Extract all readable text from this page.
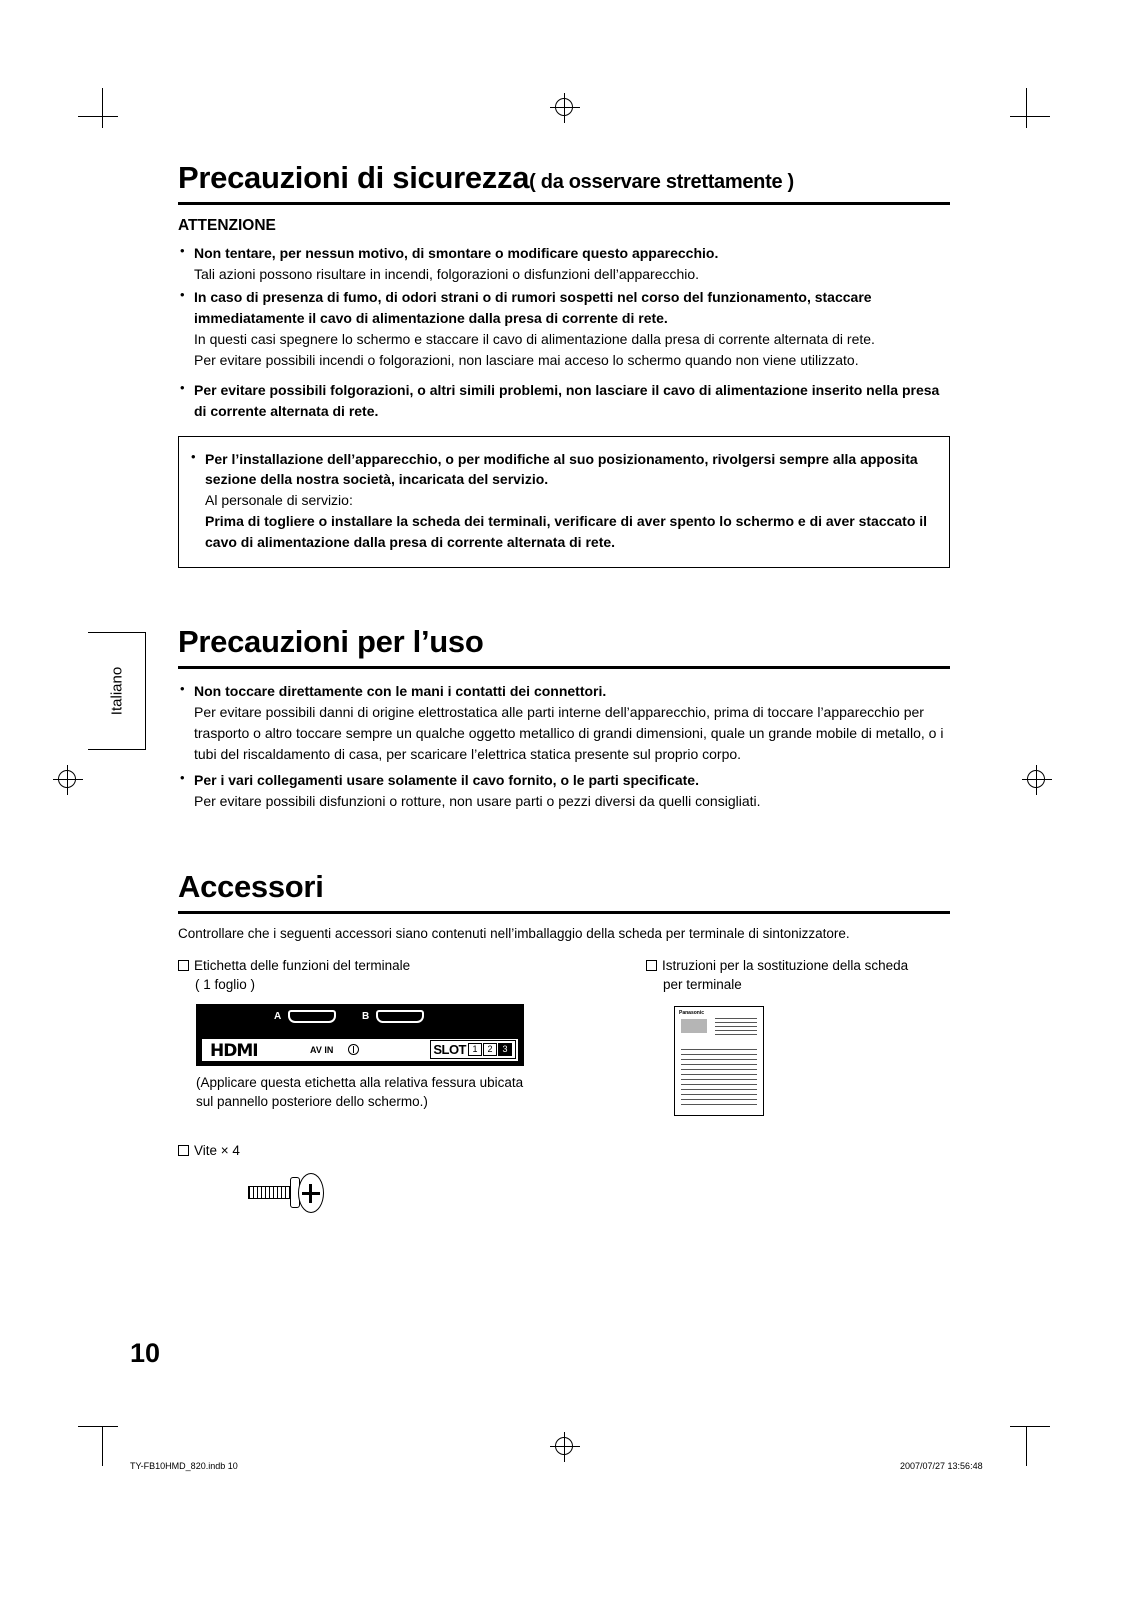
Italiano
Precauzioni di sicurezza( da osservare strettamente )
ATTENZIONE
• Non tentare, per nessun motivo, di smontare o modificare questo apparecchio.
Tali azioni possono risultare in incendi, folgorazioni o disfunzioni dell’apparecchio.
• In caso di presenza di fumo, di odori strani o di rumori sospetti nel corso del funzionamento, staccare immediatamente il cavo di alimentazione dalla presa di corrente di rete.
In questi casi spegnere lo schermo e staccare il cavo di alimentazione dalla presa di corrente alternata di rete.
Per evitare possibili incendi o folgorazioni, non lasciare mai acceso lo schermo quando non viene utilizzato.
• Per evitare possibili folgorazioni, o altri simili problemi, non lasciare il cavo di alimentazione inserito nella presa di corrente alternata di rete.
• Per l’installazione dell’apparecchio, o per modifiche al suo posizionamento, rivolgersi sempre alla apposita sezione della nostra società, incaricata del servizio.
Al personale di servizio:
Prima di togliere o installare la scheda dei terminali, verificare di aver spento lo schermo e di aver staccato il cavo di alimentazione dalla presa di corrente alternata di rete.
Precauzioni per l’uso
• Non toccare direttamente con le mani i contatti dei connettori.
Per evitare possibili danni di origine elettrostatica alle parti interne dell’apparecchio, prima di toccare l’apparecchio per trasporto o altro toccare sempre un qualche oggetto metallico di grandi dimensioni, quale un grande mobile di metallo, o i tubi del riscaldamento di casa, per scaricare l’elettrica statica presente sul proprio corpo.
• Per i vari collegamenti usare solamente il cavo fornito, o le parti specificate.
Per evitare possibili disfunzioni o rotture, non usare parti o pezzi diversi da quelli consigliati.
Accessori
Controllare che i seguenti accessori siano contenuti nell’imballaggio della scheda per terminale di sintonizzatore.
Etichetta delle funzioni del terminale
( 1 foglio )
A	B
HDMI	AV IN	SLOT 1	2	3
(Applicare questa etichetta alla relativa fessura ubicata sul pannello posteriore dello schermo.)
Vite × 4
Istruzioni per la sostituzione della scheda
per terminale
Panasonic
10
TY-FB10HMD_820.indb 10	2007/07/27 13:56:48
